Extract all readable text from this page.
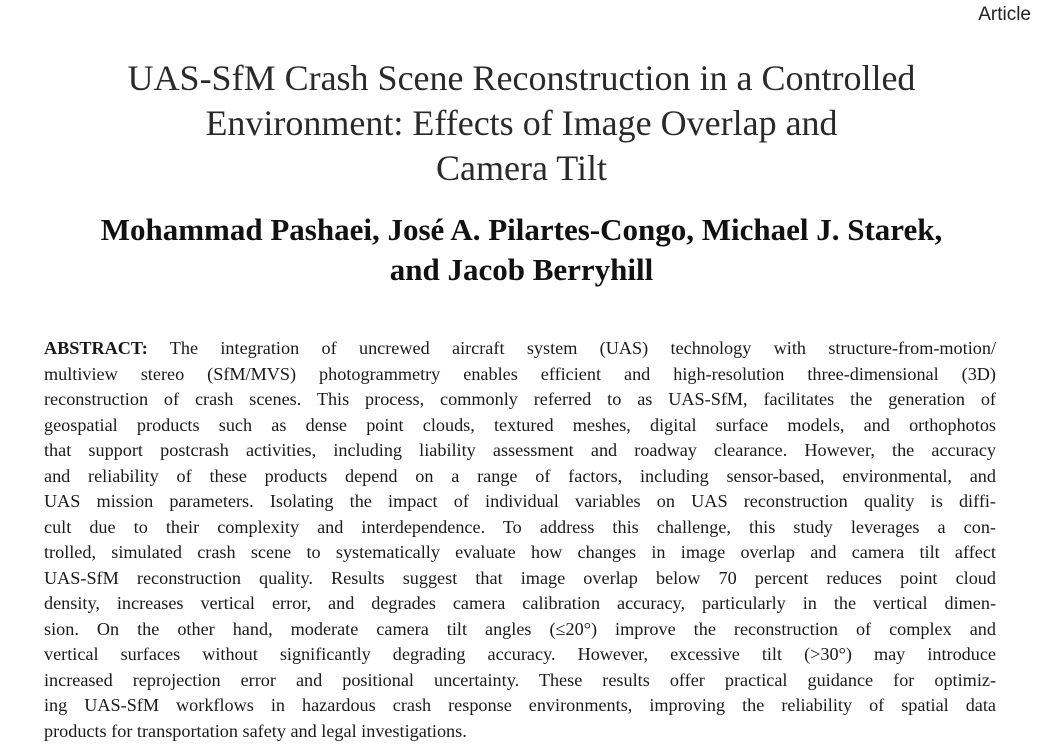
Article
UAS-SfM Crash Scene Reconstruction in a Controlled
Environment: Effects of Image Overlap and
Camera Tilt
Mohammad Pashaei, José A. Pilartes-Congo, Michael J. Starek,
and Jacob Berryhill
ABSTRACT: The integration of uncrewed aircraft system (UAS) technology with structure-from-motion/
multiview stereo (SfM/MVS) photogrammetry enables efficient and high-resolution three-dimensional (3D)
reconstruction of crash scenes. This process, commonly referred to as UAS-SfM, facilitates the generation of
geospatial products such as dense point clouds, textured meshes, digital surface models, and orthophotos
that support postcrash activities, including liability assessment and roadway clearance. However, the accuracy
and reliability of these products depend on a range of factors, including sensor-based, environmental, and
UAS mission parameters. Isolating the impact of individual variables on UAS reconstruction quality is diffi-
cult due to their complexity and interdependence. To address this challenge, this study leverages a con-
trolled, simulated crash scene to systematically evaluate how changes in image overlap and camera tilt affect
UAS-SfM reconstruction quality. Results suggest that image overlap below 70 percent reduces point cloud
density, increases vertical error, and degrades camera calibration accuracy, particularly in the vertical dimen-
sion. On the other hand, moderate camera tilt angles (≤20°) improve the reconstruction of complex and
vertical surfaces without significantly degrading accuracy. However, excessive tilt (>30°) may introduce
increased reprojection error and positional uncertainty. These results offer practical guidance for optimiz-
ing UAS-SfM workflows in hazardous crash response environments, improving the reliability of spatial data
products for transportation safety and legal investigations.
